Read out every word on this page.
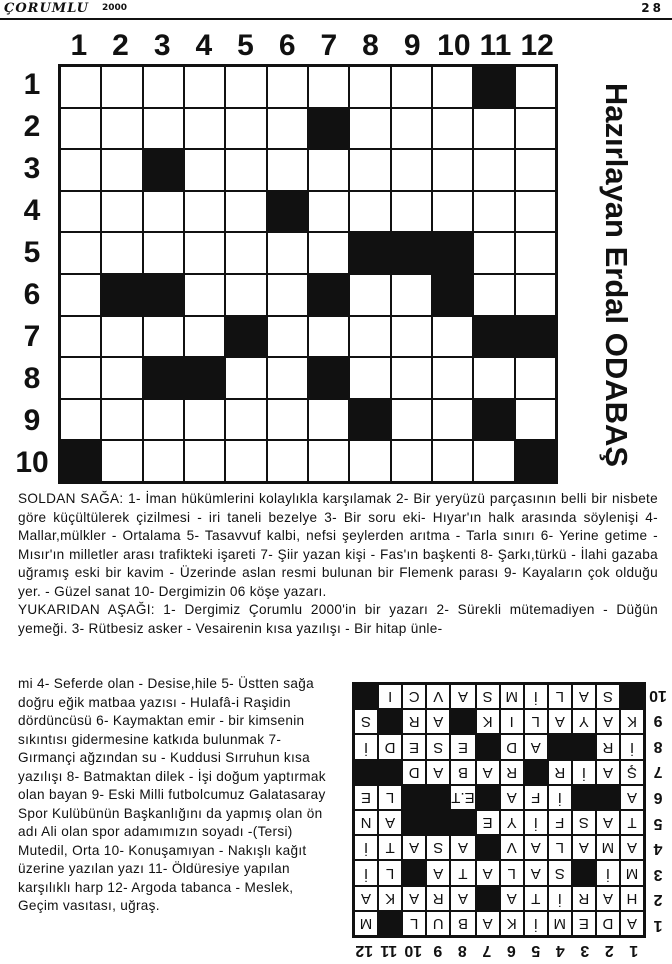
ÇORUMLU 2000	28
1 2 3 4 5 6 7 8 9 10 11 12
1
2
3
4
5
6
7
8
9
10	Hazırlayan Erdal ODABAŞ

SOLDAN SAĞA: 1- İman hükümlerini kolaylıkla karşılamak 2- Bir yeryüzü parçasının belli bir nisbete göre küçültülerek çizilmesi - iri taneli bezelye 3- Bir soru eki- Hıyar'ın halk arasında söylenişi 4- Mallar,mülkler - Ortalama 5- Tasavvuf kalbi, nefsi şeylerden arıtma - Tarla sınırı 6- Yerine getime - Mısır'ın milletler arası trafikteki işareti 7- Şiir yazan kişi - Fas'ın başkenti 8- Şarkı,türkü - İlahi gazaba uğramış eski bir kavim - Üzerinde aslan resmi bulunan bir Flemenk parası 9- Kayaların çok olduğu yer. - Güzel sanat 10- Dergimizin 06 köşe yazarı.

YUKARIDAN AŞAĞI: 1- Dergimiz Çorumlu 2000'in bir yazarı 2- Sürekli mütemadiyen - Düğün yemeği. 3- Rütbesiz asker - Vesairenin kısa yazılışı - Bir hitap ünle-

mi 4- Seferde olan - Desise,hile 5- Üstten sağa doğru eğik matbaa yazısı - Hulafâ-i Raşidin dördüncüsü 6- Kaymaktan emir - bir kimsenin sıkıntısı gidermesine katkıda bulunmak 7- Gırmançi ağzından su - Kuddusi Sırruhun kısa yazılışı 8- Batmaktan dilek - İşi doğum yaptırmak olan bayan 9- Eski Milli futbolcumuz Galatasaray Spor Kulübünün Başkanlığını da yapmış olan ön adı Ali olan spor adamımızın soyadı -(Tersi) Mutedil, Orta 10- Konuşamıyan - Nakışlı kağıt üzerine yazılan yazı 11- Öldüresiye yapılan karşılıklı harp 12- Argoda tabanca - Meslek, Geçim vasıtası, uğraş.

1
2
3
4
5
6
7
8
9
10
11
12
1
2
3
4
5
6
7
8
9
10
A
D
E
M
İ
K
A
B
U
L
M
H
A
R
İ
T
A
A
R
A
K
A
M
İ
S
A
L
A
T
A
L
İ
A
M
A
L
A
V
A
S
A
T
İ
T
A
S
F
İ
Y
E
A
N
A
İ
F
A
E.T
L
E
Ş
A
İ
R
R
A
B
A
D
İ
R
A
D
E
S
E
D
İ
K
A
Y
A
L
I
K
A
R
S
S
A
L
İ
M
S
A
V
C
I
